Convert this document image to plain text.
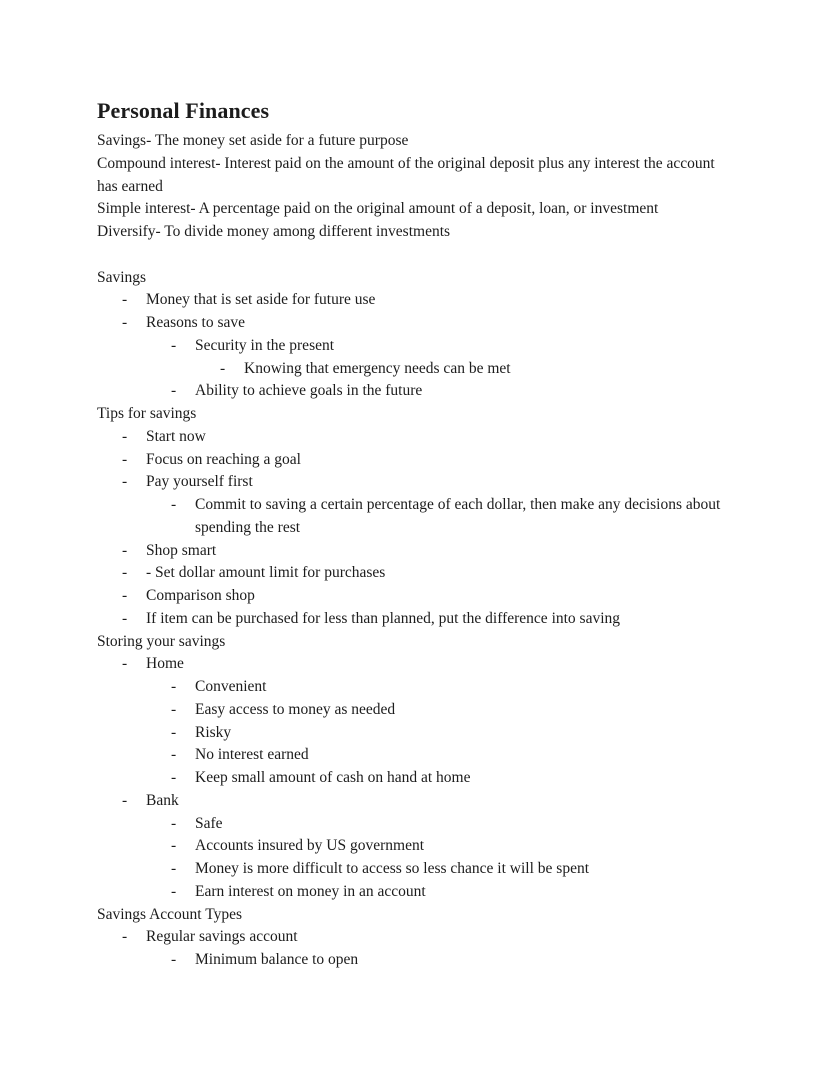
Personal Finances

Savings- The money set aside for a future purpose

Compound interest- Interest paid on the amount of the original deposit plus any interest the account has earned

Simple interest- A percentage paid on the original amount of a deposit, loan, or investment

Diversify- To divide money among different investments

Savings
-	Money that is set aside for future use
-	Reasons to save
-	Security in the present
-	Knowing that emergency needs can be met
-	Ability to achieve goals in the future
Tips for savings
-	Start now
-	Focus on reaching a goal
-	Pay yourself first
-	Commit to saving a certain percentage of each dollar, then make any decisions about spending the rest
-	Shop smart
-	- Set dollar amount limit for purchases
-	Comparison shop
-	If item can be purchased for less than planned, put the difference into saving
Storing your savings
-	Home
-	Convenient
-	Easy access to money as needed
-	Risky
-	No interest earned
-	Keep small amount of cash on hand at home
-	Bank
-	Safe
-	Accounts insured by US government
-	Money is more difficult to access so less chance it will be spent
-	Earn interest on money in an account
Savings Account Types
-	Regular savings account
-	Minimum balance to open
